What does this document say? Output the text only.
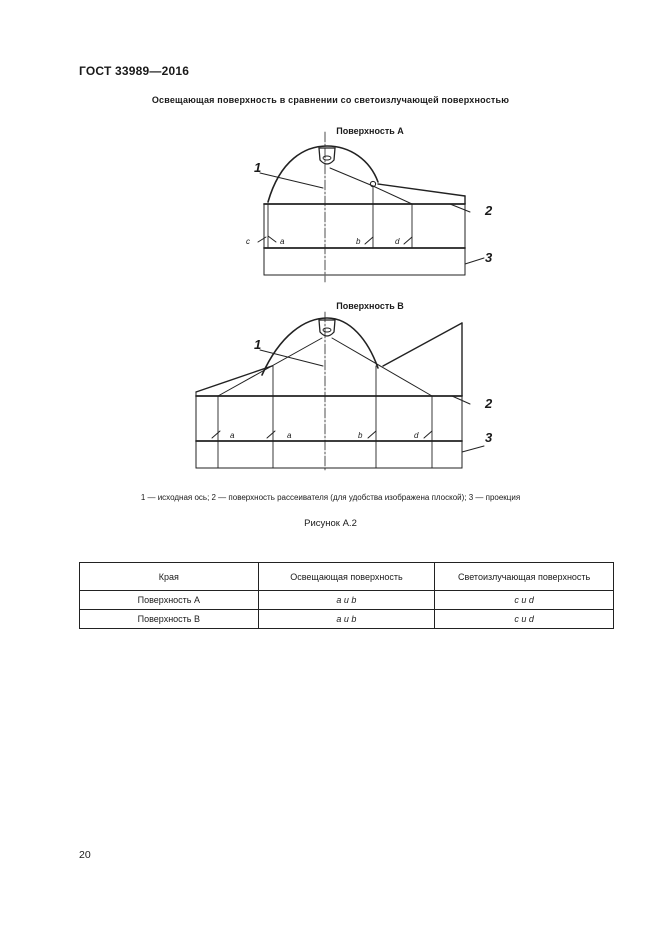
ГОСТ 33989—2016
Освещающая поверхность в сравнении со светоизлучающей поверхностью
Поверхность А
c	a	b	d
1
2
3
Поверхность В
a	a	b	d
1
2
3
1 — исходная ось; 2 — поверхность рассеивателя (для удобства изображена плоской); 3 — проекция
Рисунок А.2
Края	Освещающая поверхность	Светоизлучающая поверхность
Поверхность А	a и b	c и d
Поверхность В	a и b	c и d
20
